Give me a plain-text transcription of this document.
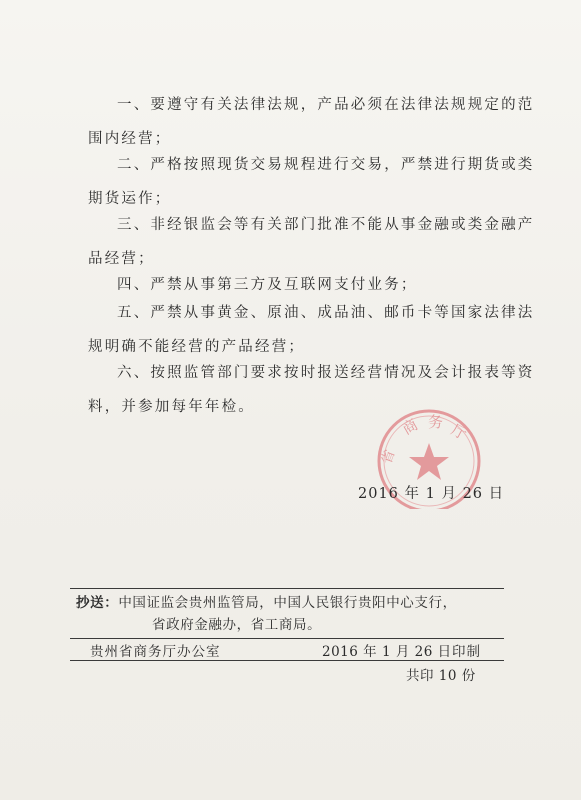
一、要遵守有关法律法规，产品必须在法律法规规定的范
围内经营；
二、严格按照现货交易规程进行交易，严禁进行期货或类
期货运作；
三、非经银监会等有关部门批准不能从事金融或类金融产
品经营；
四、严禁从事第三方及互联网支付业务；
五、严禁从事黄金、原油、成品油、邮币卡等国家法律法
规明确不能经营的产品经营；
六、按照监管部门要求按时报送经营情况及会计报表等资
料，并参加每年年检。
商 务 厅
省
2016 年 1 月 26 日
抄送：中国证监会贵州监管局，中国人民银行贵阳中心支行，
省政府金融办，省工商局。
贵州省商务厅办公室	2016 年 1 月 26 日 印制
共印 10 份
